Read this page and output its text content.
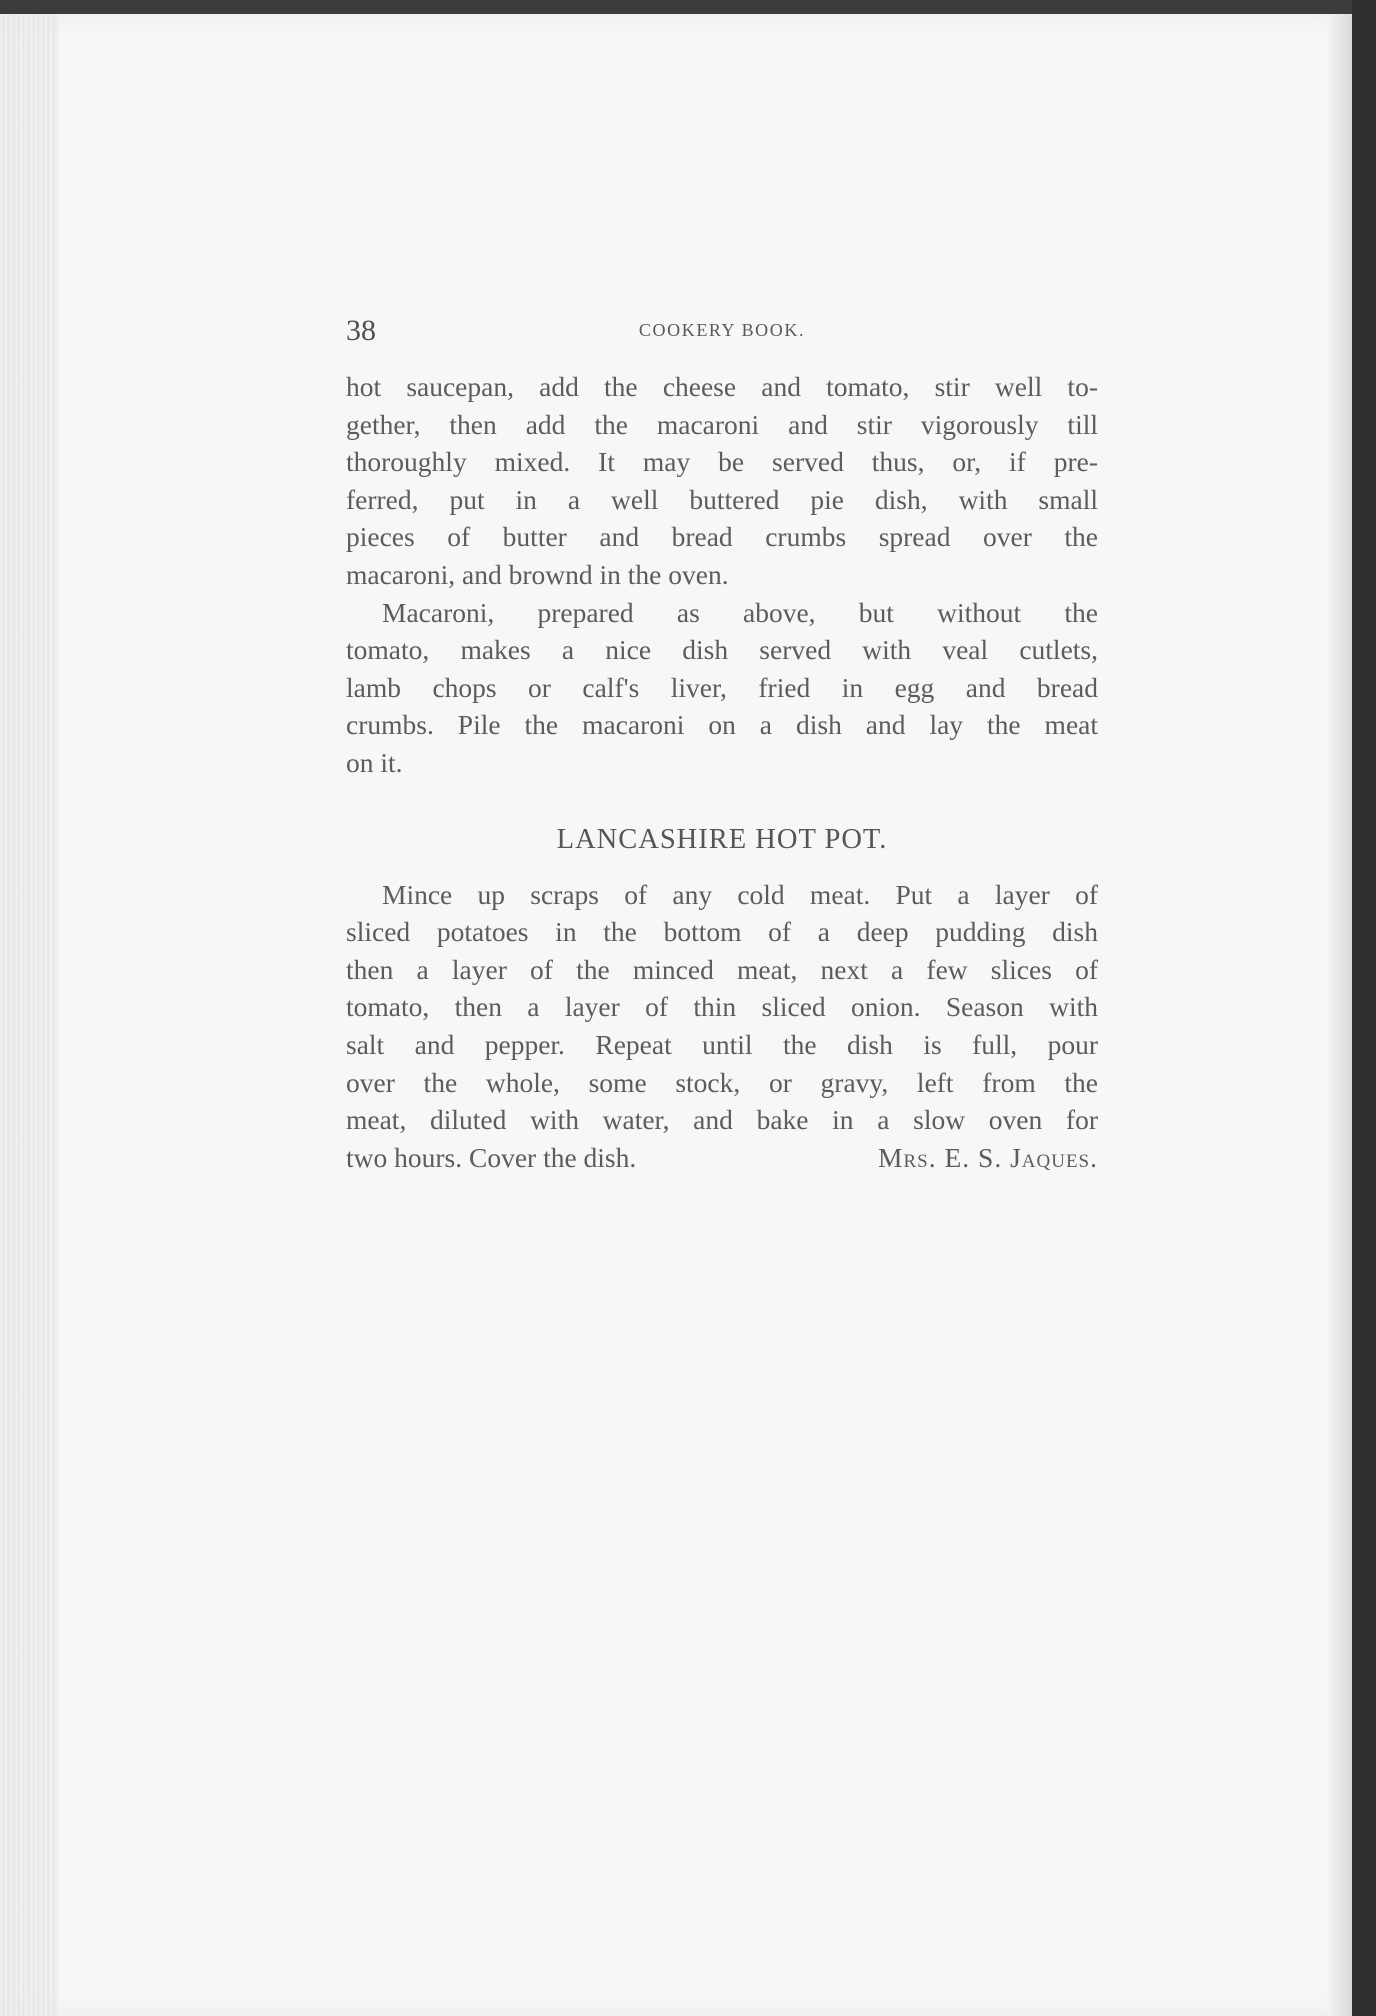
38	COOKERY BOOK.

hot saucepan, add the cheese and tomato, stir well to-
gether, then add the macaroni and stir vigorously till
thoroughly mixed. It may be served thus, or, if pre-
ferred, put in a well buttered pie dish, with small
pieces of butter and bread crumbs spread over the
macaroni, and brownd in the oven.

Macaroni, prepared as above, but without the
tomato, makes a nice dish served with veal cutlets,
lamb chops or calf's liver, fried in egg and bread
crumbs. Pile the macaroni on a dish and lay the meat
on it.

LANCASHIRE HOT POT.

Mince up scraps of any cold meat. Put a layer of
sliced potatoes in the bottom of a deep pudding dish
then a layer of the minced meat, next a few slices of
tomato, then a layer of thin sliced onion. Season with
salt and pepper. Repeat until the dish is full, pour
over the whole, some stock, or gravy, left from the
meat, diluted with water, and bake in a slow oven for
two hours. Cover the dish.	Mrs. E. S. Jaques.
